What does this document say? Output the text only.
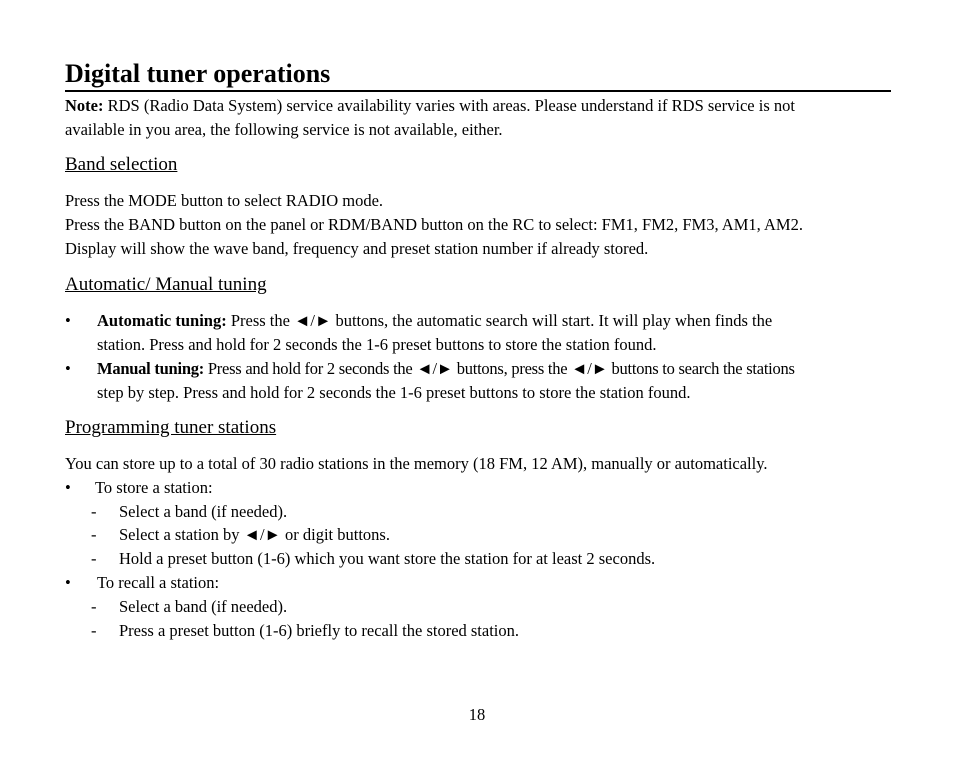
Digital tuner operations
Note: RDS (Radio Data System) service availability varies with areas. Please understand if RDS service is not
available in you area, the following service is not available, either.
Band selection
Press the MODE button to select RADIO mode.
Press the BAND button on the panel or RDM/BAND button on the RC to select: FM1, FM2, FM3, AM1, AM2.
Display will show the wave band, frequency and preset station number if already stored.
Automatic/ Manual tuning
• Automatic tuning: Press the ◄/► buttons, the automatic search will start. It will play when finds the
station. Press and hold for 2 seconds the 1-6 preset buttons to store the station found.
• Manual tuning: Press and hold for 2 seconds the ◄/► buttons, press the ◄/► buttons to search the stations
step by step. Press and hold for 2 seconds the 1-6 preset buttons to store the station found.
Programming tuner stations
You can store up to a total of 30 radio stations in the memory (18 FM, 12 AM), manually or automatically.
• To store a station:
- Select a band (if needed).
- Select a station by ◄/► or digit buttons.
- Hold a preset button (1-6) which you want store the station for at least 2 seconds.
• To recall a station:
- Select a band (if needed).
- Press a preset button (1-6) briefly to recall the stored station.
18
